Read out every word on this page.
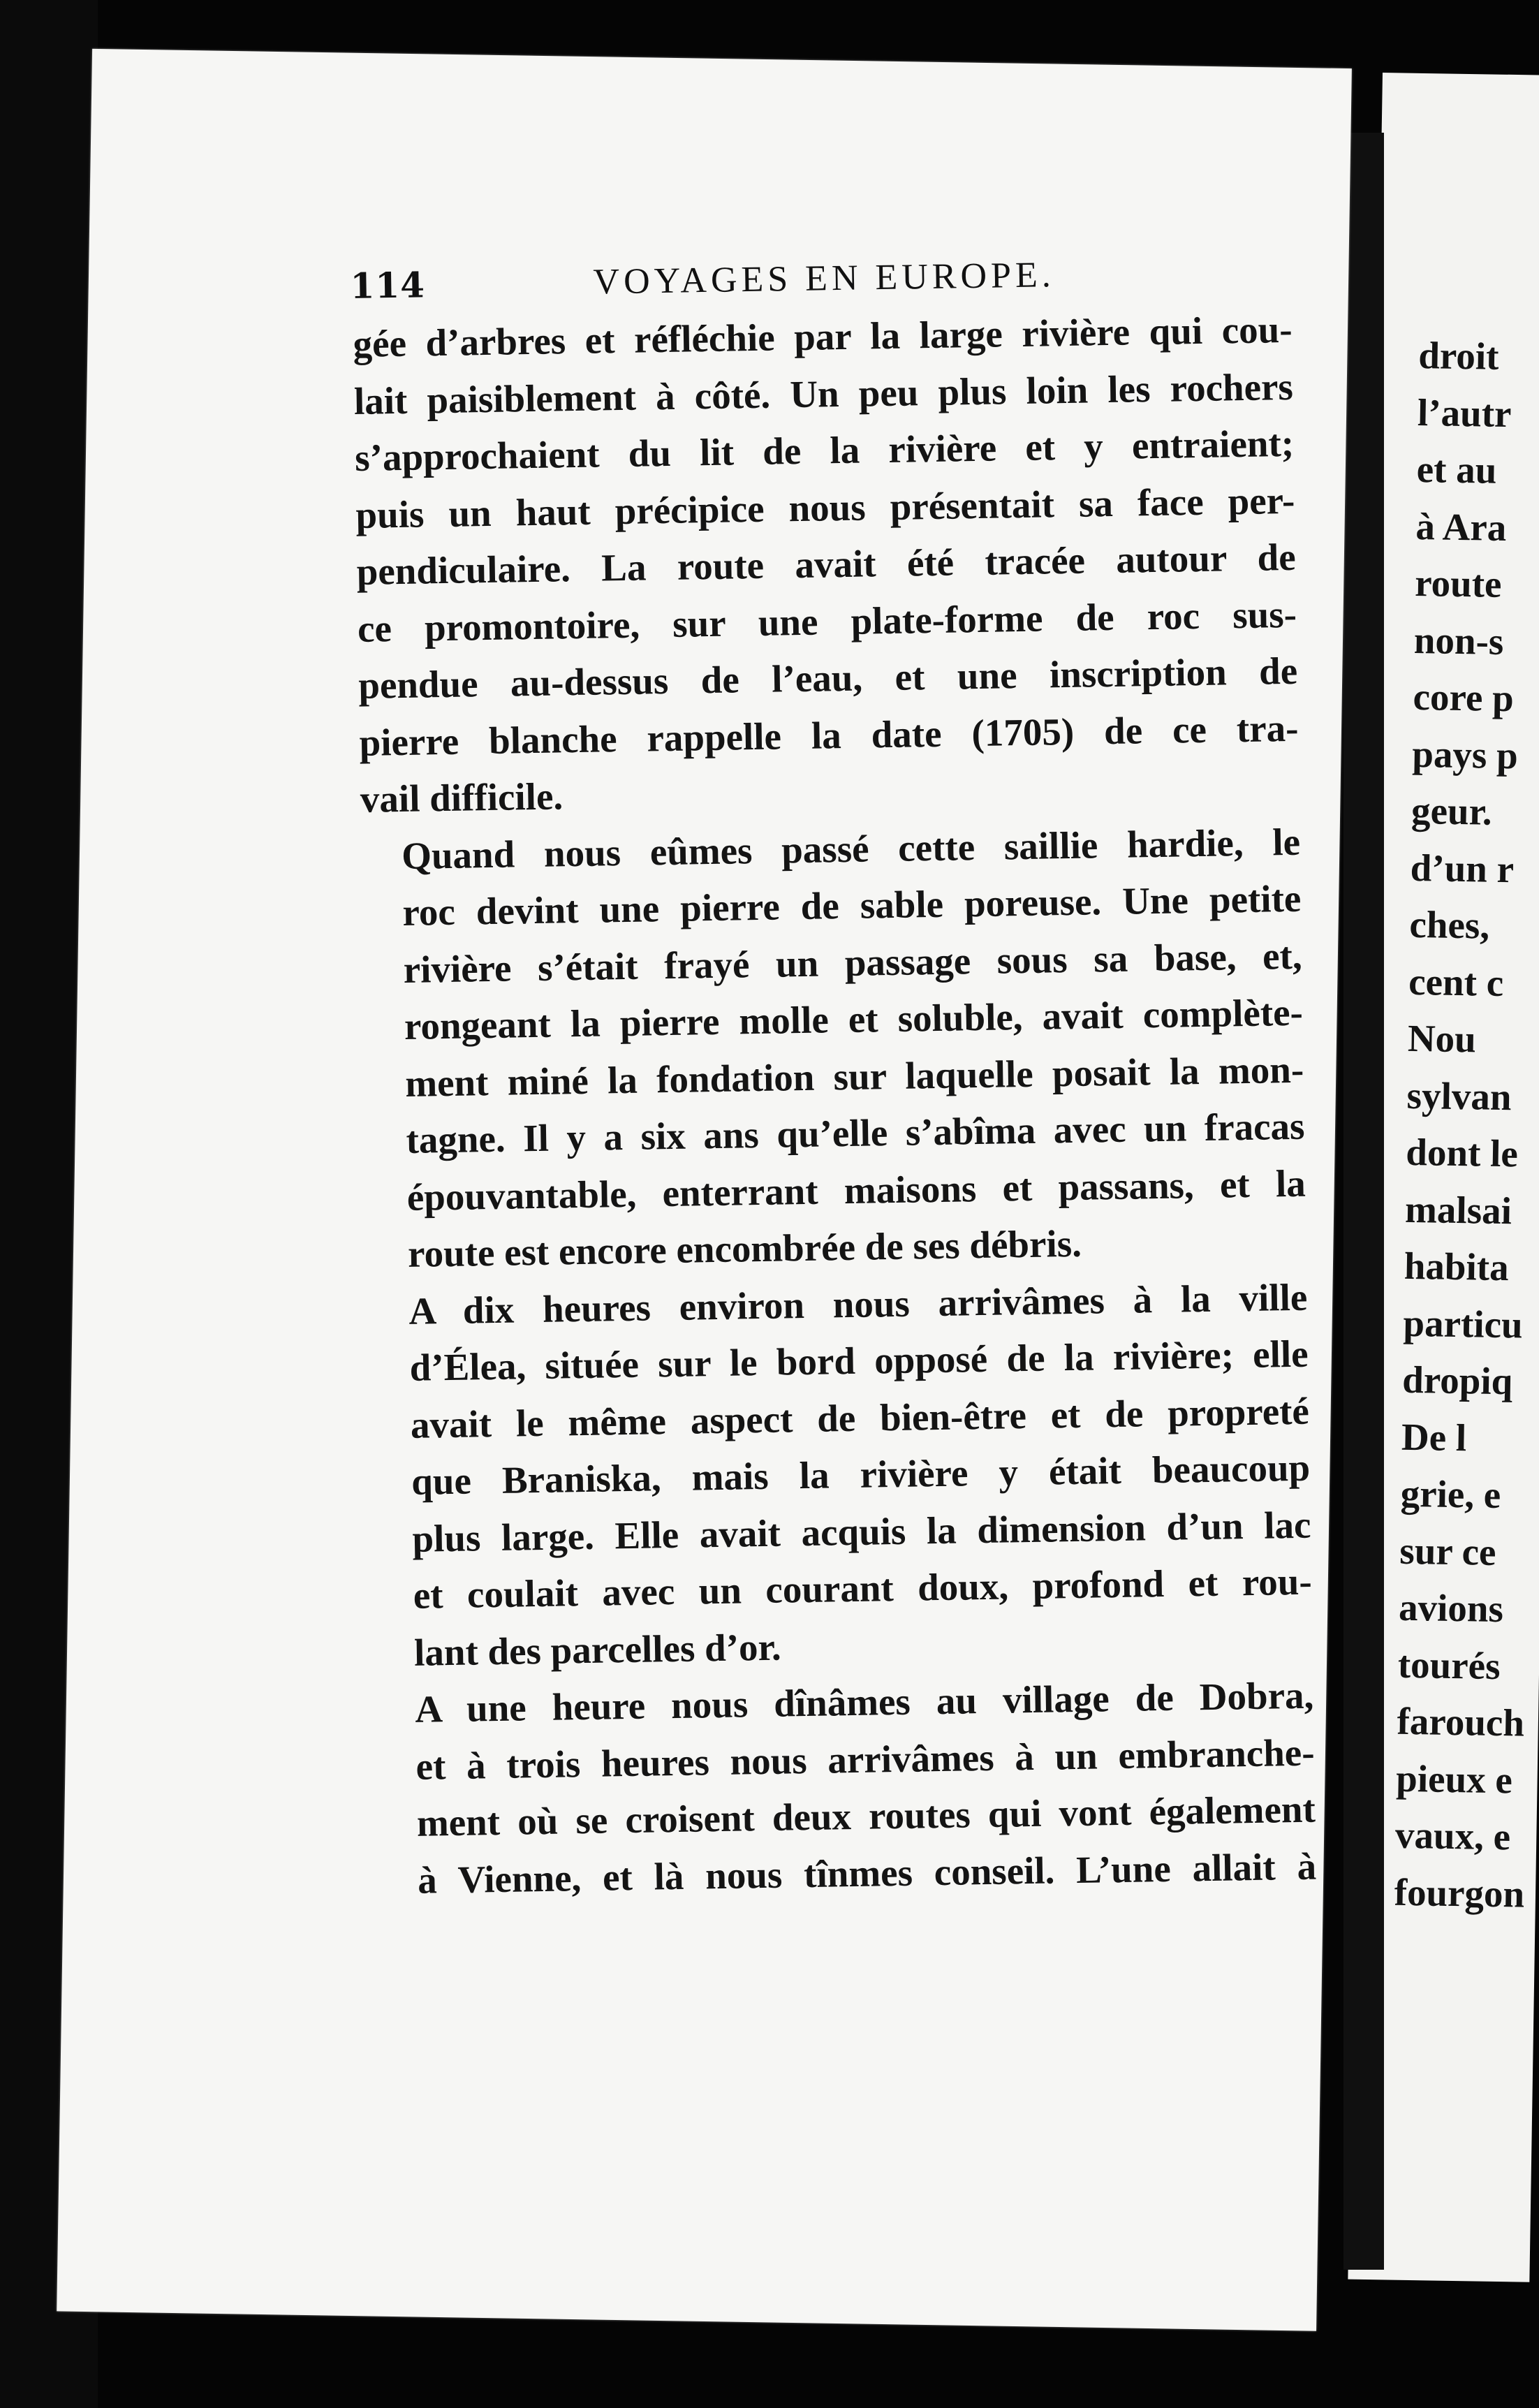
114	VOYAGES EN EUROPE.

gée d’arbres et réfléchie par la large rivière qui cou-
lait paisiblement à côté. Un peu plus loin les rochers
s’approchaient du lit de la rivière et y entraient;
puis un haut précipice nous présentait sa face per-
pendiculaire. La route avait été tracée autour de
ce promontoire, sur une plate-forme de roc sus-
pendue au-dessus de l’eau, et une inscription de
pierre blanche rappelle la date (1705) de ce tra-
vail difficile.

Quand nous eûmes passé cette saillie hardie, le
roc devint une pierre de sable poreuse. Une petite
rivière s’était frayé un passage sous sa base, et,
rongeant la pierre molle et soluble, avait complète-
ment miné la fondation sur laquelle posait la mon-
tagne. Il y a six ans qu’elle s’abîma avec un fracas
épouvantable, enterrant maisons et passans, et la
route est encore encombrée de ses débris.

A dix heures environ nous arrivâmes à la ville
d’Élea, située sur le bord opposé de la rivière; elle
avait le même aspect de bien-être et de propreté
que Braniska, mais la rivière y était beaucoup
plus large. Elle avait acquis la dimension d’un lac
et coulait avec un courant doux, profond et rou-
lant des parcelles d’or.

A une heure nous dînâmes au village de Dobra,
et à trois heures nous arrivâmes à un embranche-
ment où se croisent deux routes qui vont également
à Vienne, et là nous tînmes conseil. L’une allait à

droit
l’autr
et au
à Ara
route
non-s
core p
pays p
geur.
d’un r
ches,
cent c
Nou
sylvan
dont le
malsai
habita
particu
dropiq
De l
grie, e
sur ce
avions
tourés
farouch
pieux e
vaux, e
fourgon
